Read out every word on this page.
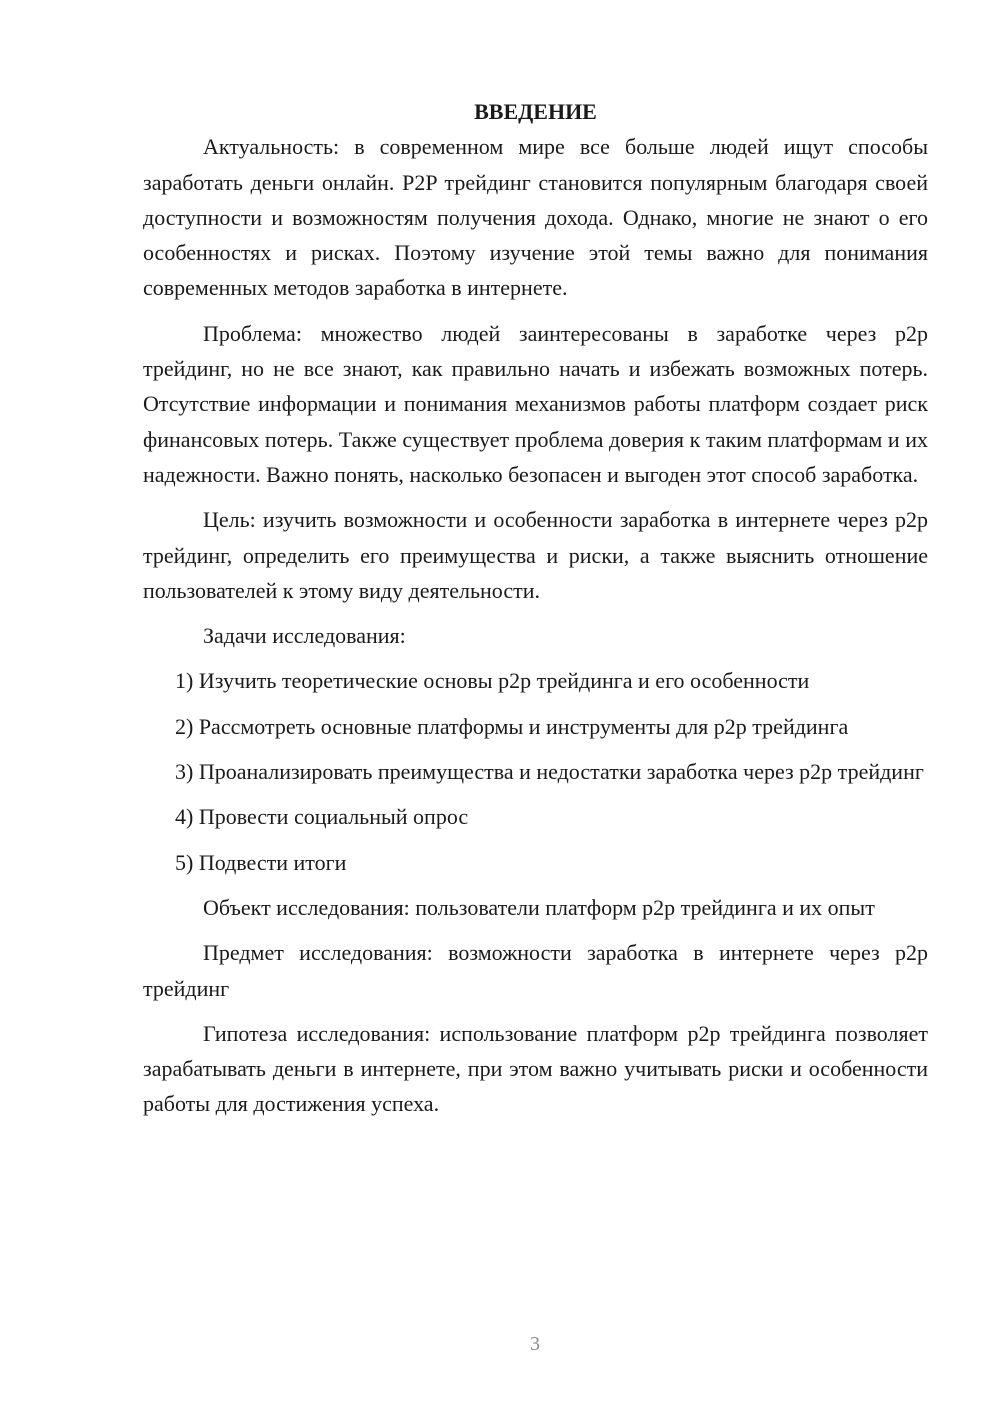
ВВЕДЕНИЕ

Актуальность: в современном мире все больше людей ищут способы заработать деньги онлайн. P2P трейдинг становится популярным благодаря своей доступности и возможностям получения дохода. Однако, многие не знают о его особенностях и рисках. Поэтому изучение этой темы важно для понимания современных методов заработка в интернете.

Проблема: множество людей заинтересованы в заработке через p2p трейдинг, но не все знают, как правильно начать и избежать возможных потерь. Отсутствие информации и понимания механизмов работы платформ создает риск финансовых потерь. Также существует проблема доверия к таким платформам и их надежности. Важно понять, насколько безопасен и выгоден этот способ заработка.

Цель: изучить возможности и особенности заработка в интернете через p2p трейдинг, определить его преимущества и риски, а также выяснить отношение пользователей к этому виду деятельности.

Задачи исследования:

1) Изучить теоретические основы p2p трейдинга и его особенности

2) Рассмотреть основные платформы и инструменты для p2p трейдинга

3) Проанализировать преимущества и недостатки заработка через p2p трейдинг

4) Провести социальный опрос

5) Подвести итоги

Объект исследования: пользователи платформ p2p трейдинга и их опыт

Предмет исследования: возможности заработка в интернете через p2p трейдинг

Гипотеза исследования: использование платформ p2p трейдинга позволяет зарабатывать деньги в интернете, при этом важно учитывать риски и особенности работы для достижения успеха.

3
